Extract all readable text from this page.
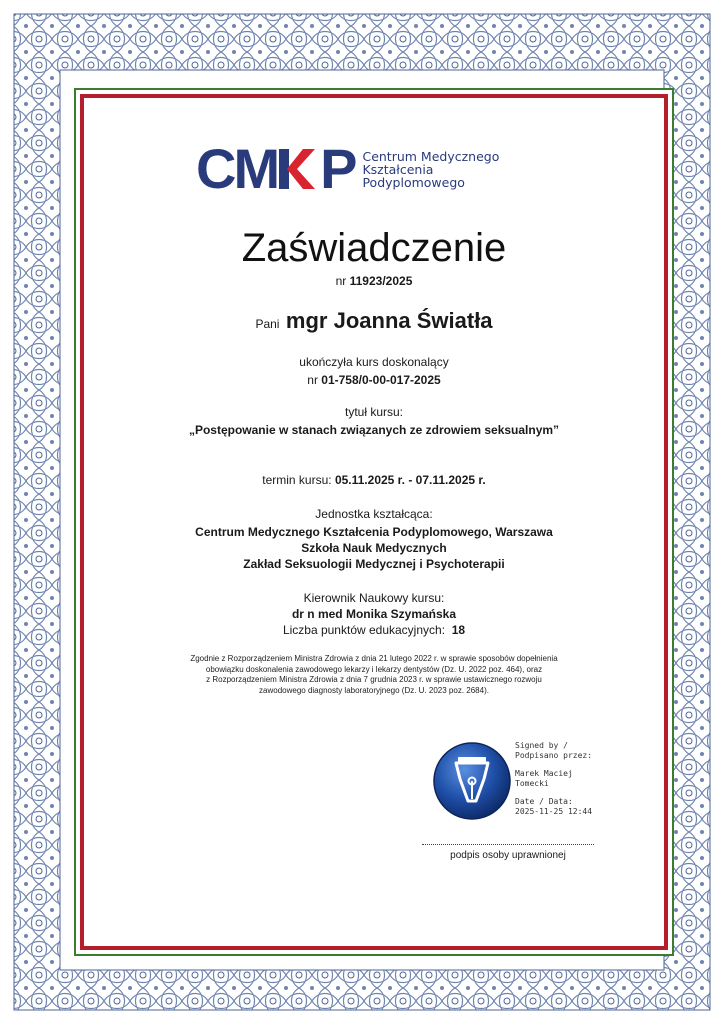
C M P Centrum Medycznego
Kształcenia
Podyplomowego
Zaświadczenie
nr 11923/2025
Pani mgr Joanna Światła
ukończyła kurs doskonalący
nr 01-758/0-00-017-2025
tytuł kursu:
„Postępowanie w stanach związanych ze zdrowiem seksualnym”
termin kursu: 05.11.2025 r. - 07.11.2025 r.
Jednostka kształcąca:
Centrum Medycznego Kształcenia Podyplomowego, Warszawa
Szkoła Nauk Medycznych
Zakład Seksuologii Medycznej i Psychoterapii
Kierownik Naukowy kursu:
dr n med Monika Szymańska
Liczba punktów edukacyjnych: 18
Zgodnie z Rozporządzeniem Ministra Zdrowia z dnia 21 lutego 2022 r. w sprawie sposobów dopełnienia
obowiązku doskonalenia zawodowego lekarzy i lekarzy dentystów (Dz. U. 2022 poz. 464), oraz
z Rozporządzeniem Ministra Zdrowia z dnia 7 grudnia 2023 r. w sprawie ustawicznego rozwoju
zawodowego diagnosty laboratoryjnego (Dz. U. 2023 poz. 2684).
Signed by /
Podpisano przez:
Marek Maciej
Tomecki
Date / Data:
2025-11-25 12:44
podpis osoby uprawnionej
